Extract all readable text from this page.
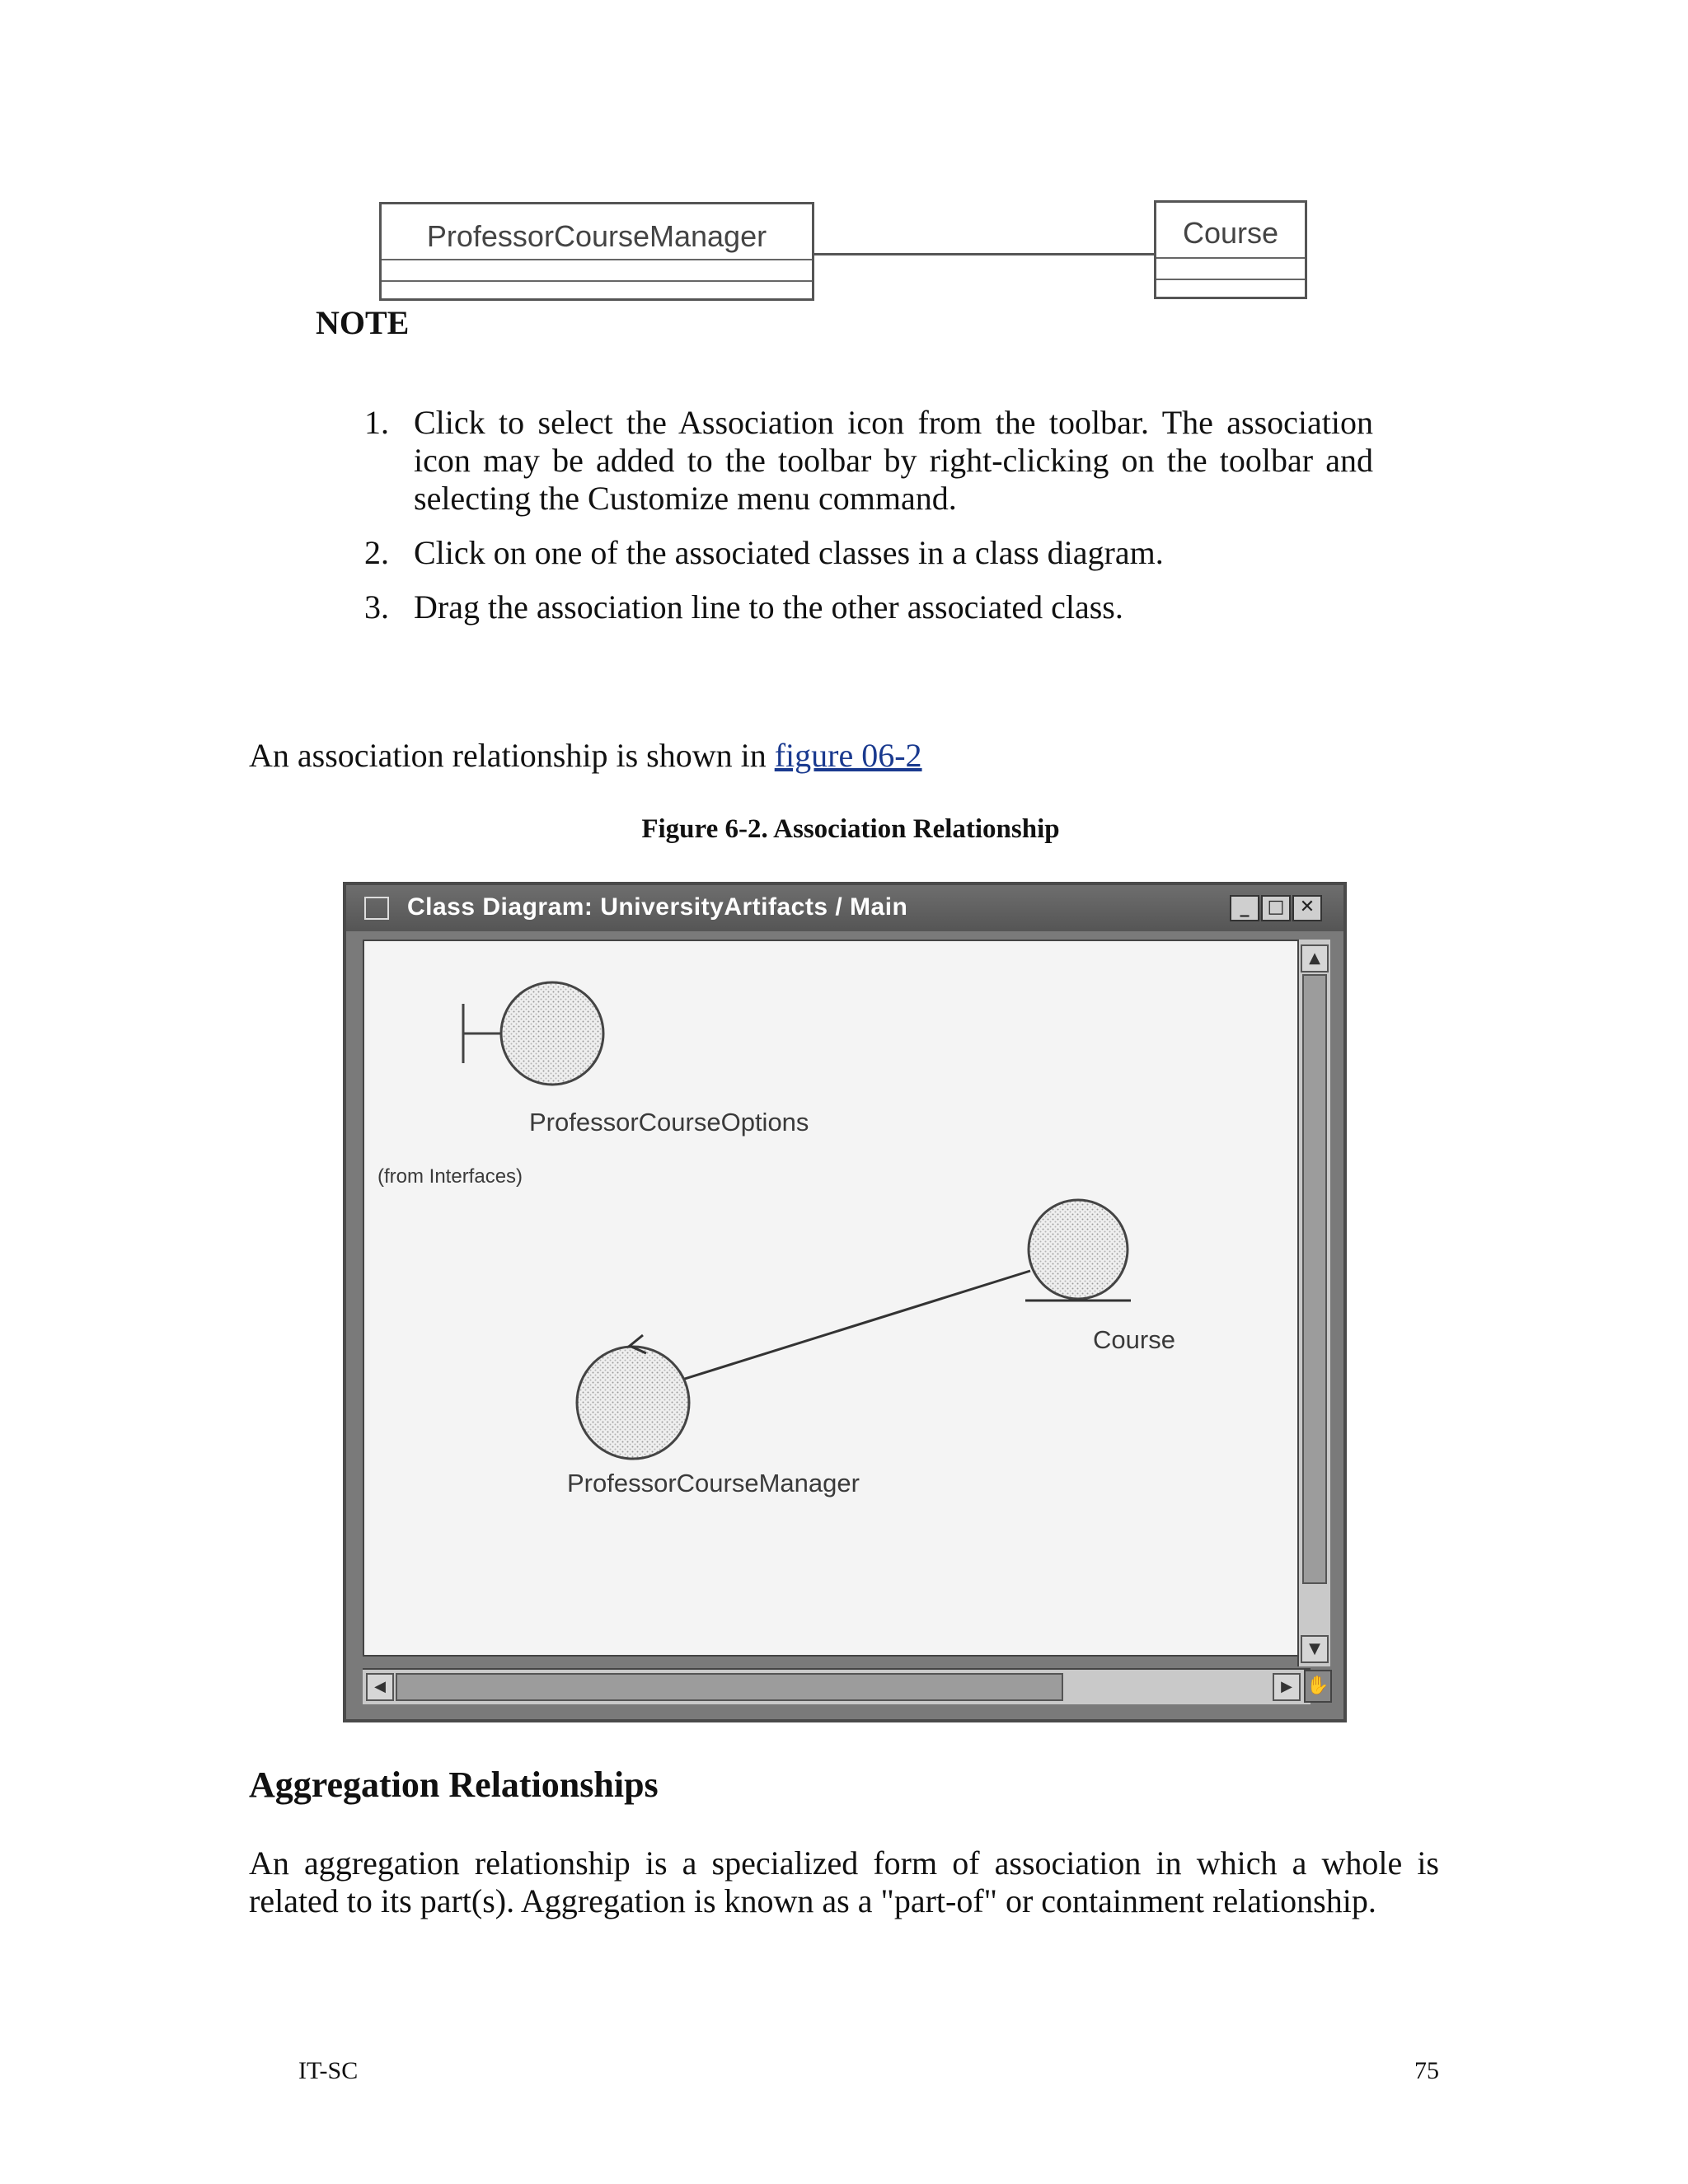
ProfessorCourseManager	Course
NOTE
1. Click to select the Association icon from the toolbar. The association icon may be added to the toolbar by right-clicking on the toolbar and selecting the Customize menu command.
2. Click on one of the associated classes in a class diagram.
3. Drag the association line to the other associated class.
An association relationship is shown in figure 06-2
Figure 6-2. Association Relationship
Class Diagram: UniversityArtifacts / Main	_	□ ✕
ProfessorCourseOptions
(from Interfaces)
Course
ProfessorCourseManager
▲
▼
◀	▶ ✋
Aggregation Relationships
An aggregation relationship is a specialized form of association in which a whole is related to its part(s). Aggregation is known as a "part-of" or containment relationship.
IT-SC	75
